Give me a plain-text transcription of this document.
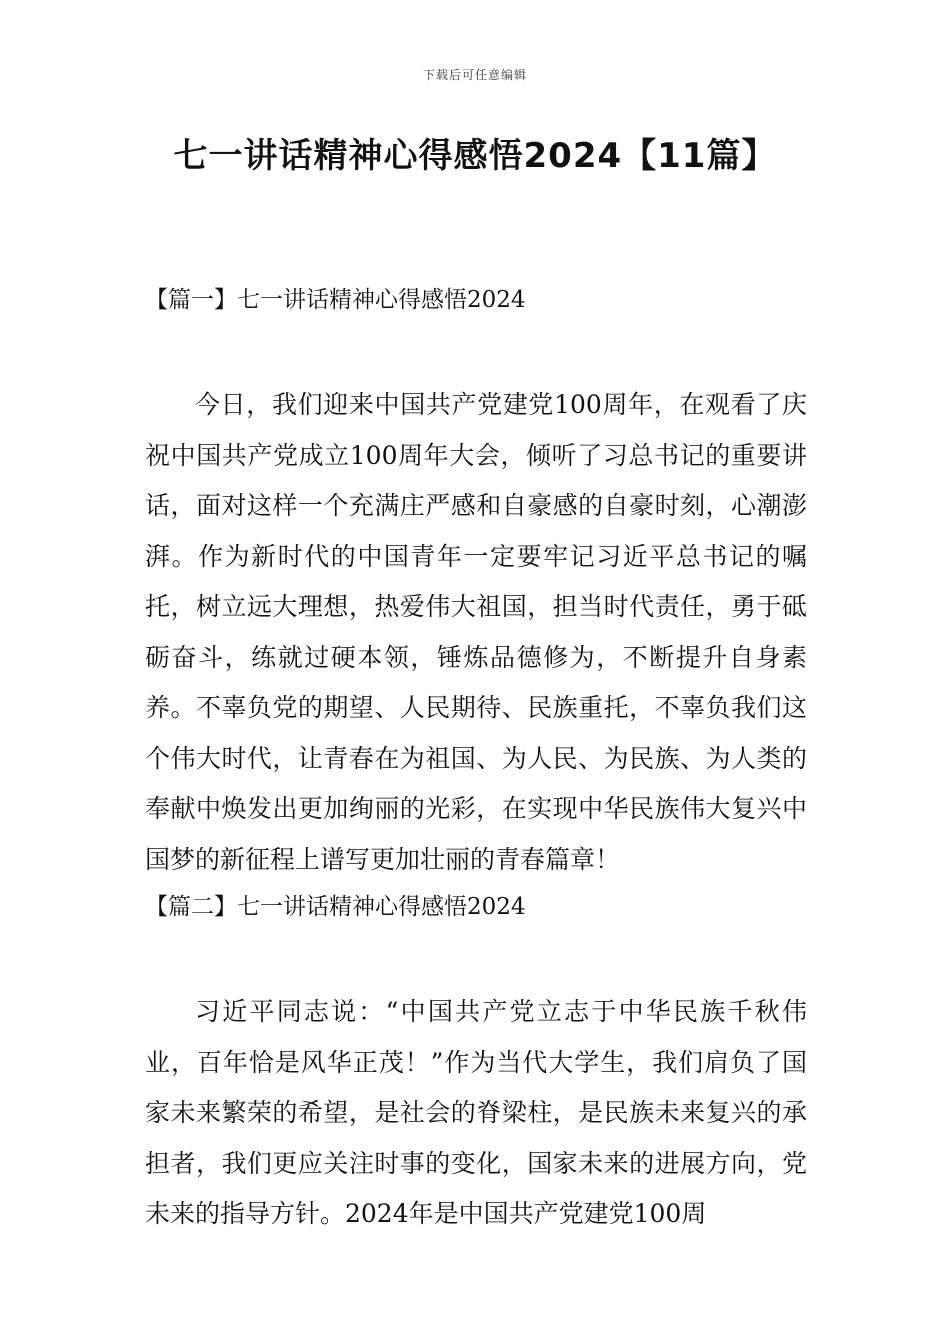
下载后可任意编辑
七一讲话精神心得感悟2024【11篇】

【篇一】七一讲话精神心得感悟2024

今日，我们迎来中国共产党建党100周年，在观看了庆祝中国共产党成立100周年大会，倾听了习总书记的重要讲话，面对这样一个充满庄严感和自豪感的自豪时刻，心潮澎湃。作为新时代的中国青年一定要牢记习近平总书记的嘱托，树立远大理想，热爱伟大祖国，担当时代责任，勇于砥砺奋斗，练就过硬本领，锤炼品德修为，不断提升自身素养。不辜负党的期望、人民期待、民族重托，不辜负我们这个伟大时代，让青春在为祖国、为人民、为民族、为人类的奉献中焕发出更加绚丽的光彩，在实现中华民族伟大复兴中国梦的新征程上谱写更加壮丽的青春篇章！

【篇二】七一讲话精神心得感悟2024

习近平同志说：“中国共产党立志于中华民族千秋伟业，百年恰是风华正茂！”作为当代大学生，我们肩负了国家未来繁荣的希望，是社会的脊梁柱，是民族未来复兴的承担者，我们更应关注时事的变化，国家未来的进展方向，党未来的指导方针。2024年是中国共产党建党100周
